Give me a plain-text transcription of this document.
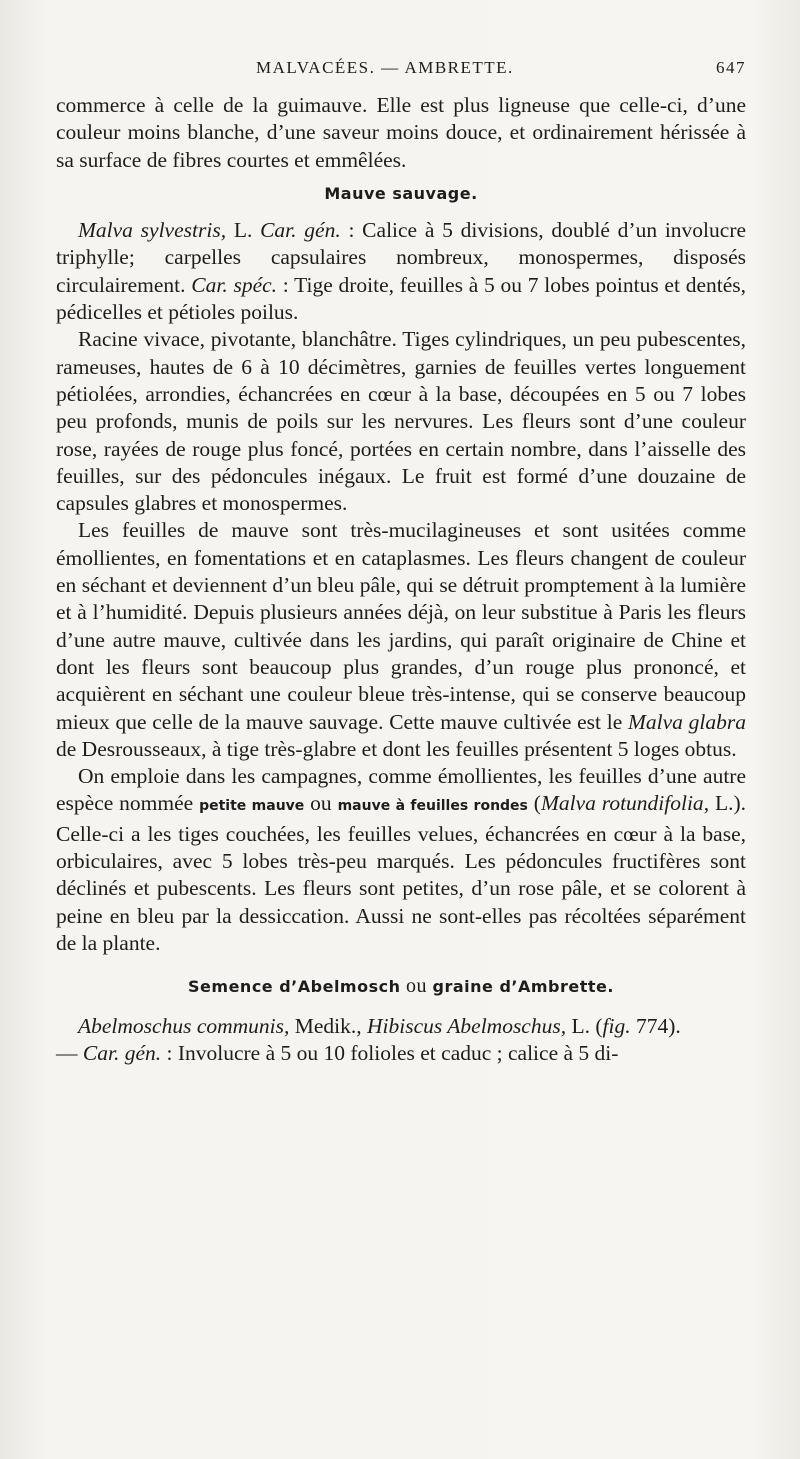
MALVACÉES. — AMBRETTE.	647

commerce à celle de la guimauve. Elle est plus ligneuse que celle-ci, d’une couleur moins blanche, d’une saveur moins douce, et ordinairement hérissée à sa surface de fibres courtes et emmêlées.

Mauve sauvage.

Malva sylvestris, L. Car. gén. : Calice à 5 divisions, doublé d’un involucre triphylle; carpelles capsulaires nombreux, monospermes, disposés circulairement. Car. spéc. : Tige droite, feuilles à 5 ou 7 lobes pointus et dentés, pédicelles et pétioles poilus.

Racine vivace, pivotante, blanchâtre. Tiges cylindriques, un peu pubescentes, rameuses, hautes de 6 à 10 décimètres, garnies de feuilles vertes longuement pétiolées, arrondies, échancrées en cœur à la base, découpées en 5 ou 7 lobes peu profonds, munis de poils sur les nervures. Les fleurs sont d’une couleur rose, rayées de rouge plus foncé, portées en certain nombre, dans l’aisselle des feuilles, sur des pédoncules inégaux. Le fruit est formé d’une douzaine de capsules glabres et monospermes.

Les feuilles de mauve sont très-mucilagineuses et sont usitées comme émollientes, en fomentations et en cataplasmes. Les fleurs changent de couleur en séchant et deviennent d’un bleu pâle, qui se détruit promptement à la lumière et à l’humidité. Depuis plusieurs années déjà, on leur substitue à Paris les fleurs d’une autre mauve, cultivée dans les jardins, qui paraît originaire de Chine et dont les fleurs sont beaucoup plus grandes, d’un rouge plus prononcé, et acquièrent en séchant une couleur bleue très-intense, qui se conserve beaucoup mieux que celle de la mauve sauvage. Cette mauve cultivée est le Malva glabra de Desrousseaux, à tige très-glabre et dont les feuilles présentent 5 loges obtus.

On emploie dans les campagnes, comme émollientes, les feuilles d’une autre espèce nommée petite mauve ou mauve à feuilles rondes (Malva rotundifolia, L.). Celle-ci a les tiges couchées, les feuilles velues, échancrées en cœur à la base, orbiculaires, avec 5 lobes très-peu marqués. Les pédoncules fructifères sont déclinés et pubescents. Les fleurs sont petites, d’un rose pâle, et se colorent à peine en bleu par la dessiccation. Aussi ne sont-elles pas récoltées séparément de la plante.

Semence d’Abelmosch ou graine d’Ambrette.

Abelmoschus communis, Medik., Hibiscus Abelmoschus, L. (fig. 774).
— Car. gén. : Involucre à 5 ou 10 folioles et caduc ; calice à 5 di-
